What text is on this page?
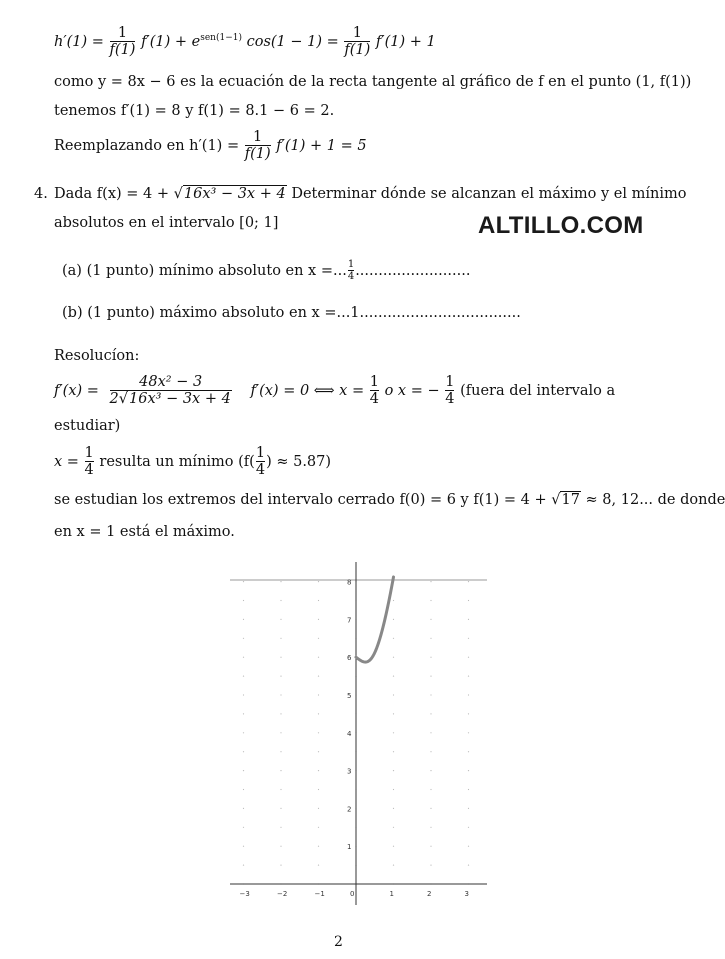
$h'(1) = \frac{1}{f(1)} f'(1) + e^{sen(1-1)}$ $\cos(1 - 1) = \frac{1}{f(1)} f'(1) + 1$
como y = 8x − 6 es la ecuación de la recta tangente al gráfico de f en el punto (1, f(1))
tenemos f′(1) = 8 y f(1) = 8.1 − 6 = 2.
Reemplazando en $h'(1) = \frac{1}{f(1)} f'(1) + 1 = 5$
4. Dada f(x) = 4 + √16x³ − 3x + 4 Determinar dónde se alcanzan el máximo y el mínimo
absolutos en el intervalo [0; 1]	ALTILLO.COM
(a) (1 punto) mínimo absoluto en x =... $\frac{1}{4}$ .........................
(b) (1 punto) máximo absoluto en x =...1...................................
Resolucíon:
$f'(x) = \frac{\text{48x² − 3}}{\text{2√16x³ − 3x + 4}} f'(x) = 0$ ⟺ $x = \frac{1}{4}$ o x = − $\frac{1}{4}$ (fuera del intervalo a
estudiar)
$x = \frac{1}{4}$ resulta un mínimo ($f( \frac{1}{4}$ ) ≈ 5.87)
se estudian los extremos del intervalo cerrado f(0) = 6 y f(1) = 4 + √17 ≈ 8, 12... de donde
en x = 1 está el máximo.
−3	−2	−1	0	1	2	3
1
2
3
4
5
6
7
8
2
